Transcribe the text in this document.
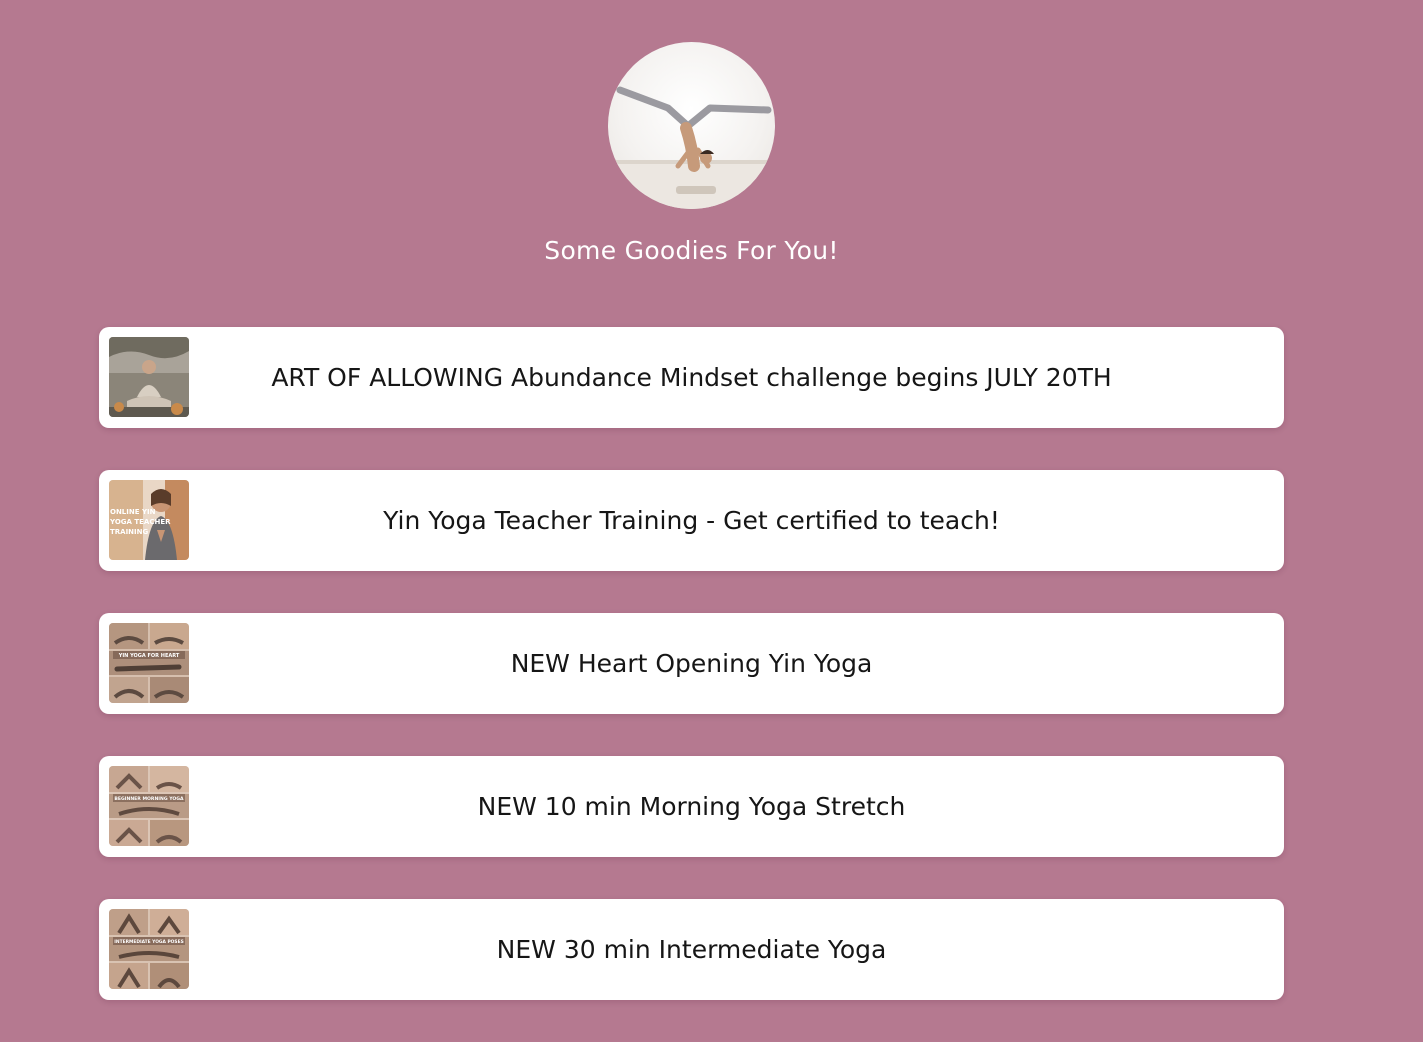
Some Goodies For You!
ART OF ALLOWING Abundance Mindset challenge begins JULY 20TH
ONLINE YIN
YOGA TEACHER
TRAINING	Yin Yoga Teacher Training - Get certified to teach!
YIN YOGA FOR HEART	NEW Heart Opening Yin Yoga
BEGINNER MORNING YOGA	NEW 10 min Morning Yoga Stretch
INTERMEDIATE YOGA POSES	NEW 30 min Intermediate Yoga
